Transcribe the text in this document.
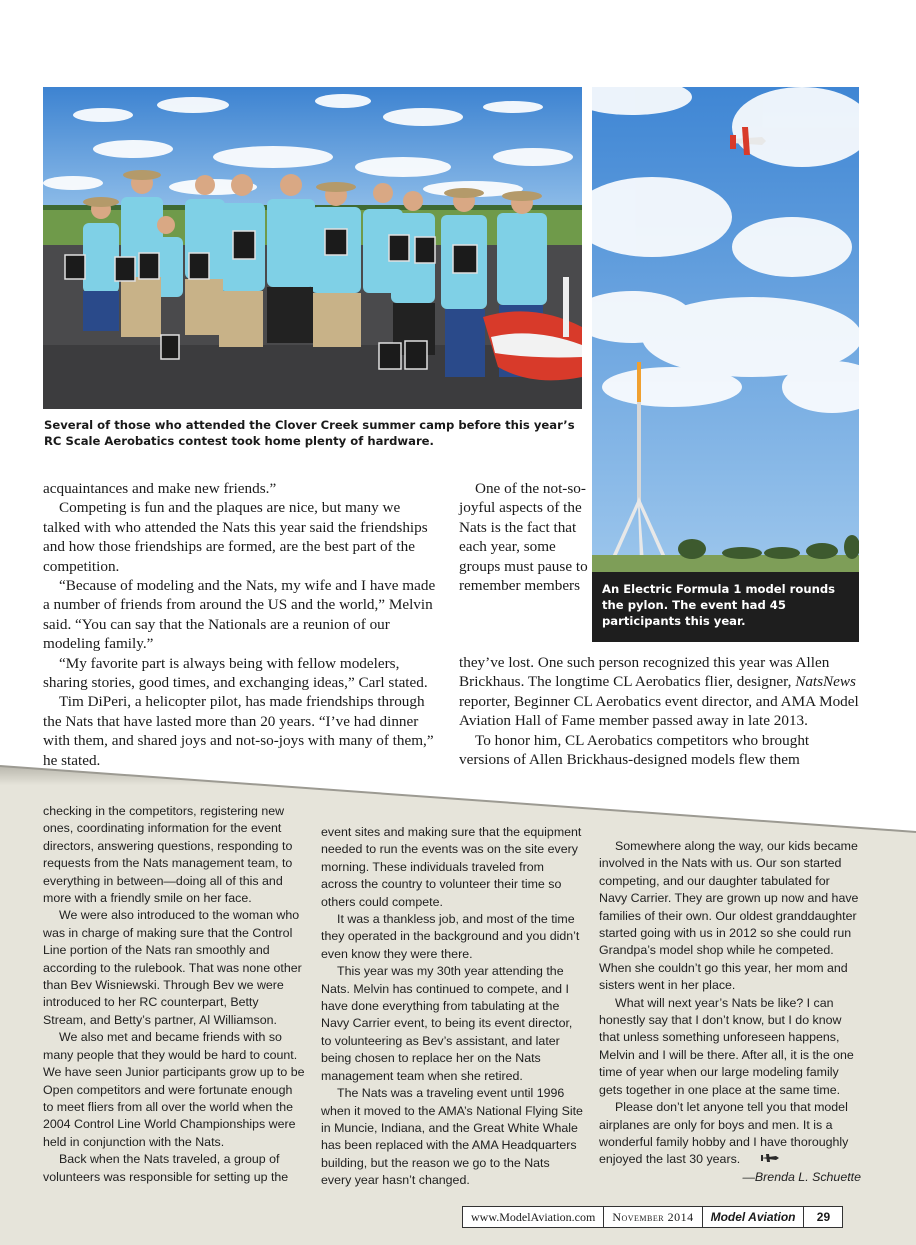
Several of those who attended the Clover Creek summer camp before this year’s RC Scale Aerobatics contest took home plenty of hardware.
An Electric Formula 1 model rounds the pylon. The event had 45 participants this year.

acquaintances and make new friends.”

Competing is fun and the plaques are nice, but many we talked with who attended the Nats this year said the friendships and how those friendships are formed, are the best part of the competition.

“Because of modeling and the Nats, my wife and I have made a number of friends from around the US and the world,” Melvin said. “You can say that the Nationals are a reunion of our modeling family.”

“My favorite part is always being with fellow modelers, sharing stories, good times, and exchanging ideas,” Carl stated.

Tim DiPeri, a helicopter pilot, has made friendships through the Nats that have lasted more than 20 years. “I’ve had dinner with them, and shared joys and not-so-joys with many of them,” he stated.

One of the not-so-joyful aspects of the Nats is the fact that each year, some groups must pause to remember members

they’ve lost. One such person recognized this year was Allen Brickhaus. The longtime CL Aerobatics flier, designer, NatsNews reporter, Beginner CL Aerobatics event director, and AMA Model Aviation Hall of Fame member passed away in late 2013.

To honor him, CL Aerobatics competitors who brought versions of Allen Brickhaus-designed models flew them

checking in the competitors, registering new ones, coordinating information for the event directors, answering questions, responding to requests from the Nats management team, to everything in between—doing all of this and more with a friendly smile on her face.

We were also introduced to the woman who was in charge of making sure that the Control Line portion of the Nats ran smoothly and according to the rulebook. That was none other than Bev Wisniewski. Through Bev we were introduced to her RC counterpart, Betty Stream, and Betty’s partner, Al Williamson.

We also met and became friends with so many people that they would be hard to count. We have seen Junior participants grow up to be Open competitors and were fortunate enough to meet fliers from all over the world when the 2004 Control Line World Championships were held in conjunction with the Nats.

Back when the Nats traveled, a group of volunteers was responsible for setting up the

event sites and making sure that the equipment needed to run the events was on the site every morning. These individuals traveled from across the country to volunteer their time so others could compete.

It was a thankless job, and most of the time they operated in the background and you didn’t even know they were there.

This year was my 30th year attending the Nats. Melvin has continued to compete, and I have done everything from tabulating at the Navy Carrier event, to being its event director, to volunteering as Bev’s assistant, and later being chosen to replace her on the Nats management team when she retired.

The Nats was a traveling event until 1996 when it moved to the AMA’s National Flying Site in Muncie, Indiana, and the Great White Whale has been replaced with the AMA Headquarters building, but the reason we go to the Nats every year hasn’t changed.

Somewhere along the way, our kids became involved in the Nats with us. Our son started competing, and our daughter tabulated for Navy Carrier. They are grown up now and have families of their own. Our oldest granddaughter started going with us in 2012 so she could run Grandpa’s model shop while he competed. When she couldn’t go this year, her mom and sisters went in her place.

What will next year’s Nats be like? I can honestly say that I don’t know, but I do know that unless something unforeseen happens, Melvin and I will be there. After all, it is the one time of year when our large modeling family gets together in one place at the same time.

Please don’t let anyone tell you that model airplanes are only for boys and men. It is a wonderful family hobby and I have thoroughly enjoyed the last 30 years.

—Brenda L. Schuette

www.ModelAviation.com	November 2014	Model Aviation	29
